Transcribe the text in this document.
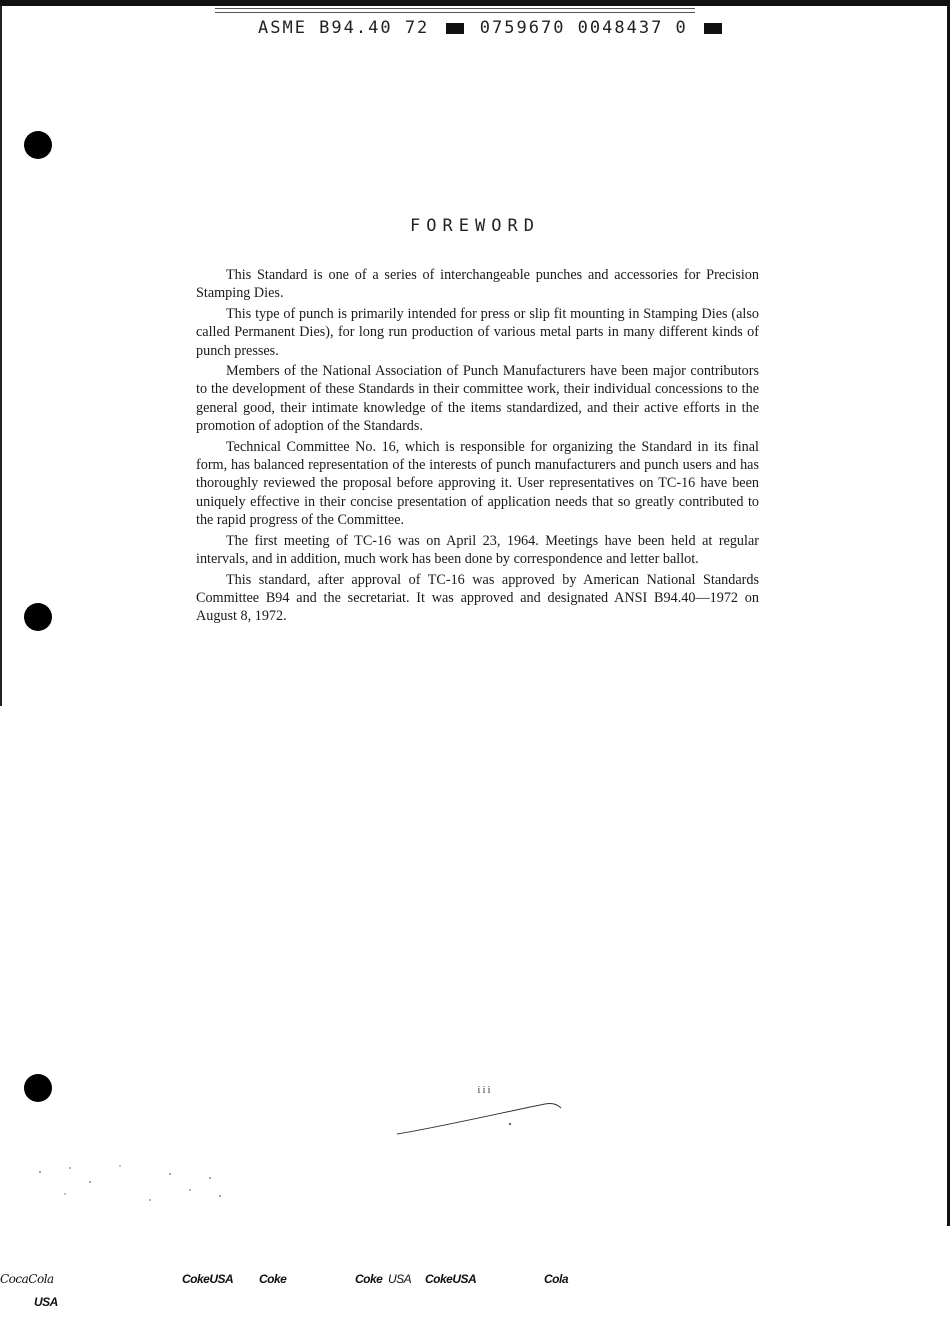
ASME B94.40 72	0759670 0048437 0
FOREWORD

This Standard is one of a series of interchangeable punches and accessories for Precision Stamping Dies.

This type of punch is primarily intended for press or slip fit mounting in Stamping Dies (also called Permanent Dies), for long run production of various metal parts in many different kinds of punch presses.

Members of the National Association of Punch Manufacturers have been major contributors to the development of these Standards in their committee work, their individual concessions to the general good, their intimate knowledge of the items standardized, and their active efforts in the promotion of adoption of the Standards.

Technical Committee No. 16, which is responsible for organizing the Standard in its final form, has balanced representation of the interests of punch manufacturers and punch users and has thoroughly reviewed the proposal before approving it. User representatives on TC-16 have been uniquely effective in their concise presentation of application needs that so greatly contributed to the rapid progress of the Committee.

The first meeting of TC-16 was on April 23, 1964. Meetings have been held at regular intervals, and in addition, much work has been done by correspondence and letter ballot.

This standard, after approval of TC-16 was approved by American National Standards Committee B94 and the secretariat. It was approved and designated ANSI B94.40—1972 on August 8, 1972.

iii
CocaCola
USA
CokeUSA Coke	Coke USA CokeUSA	Cola
